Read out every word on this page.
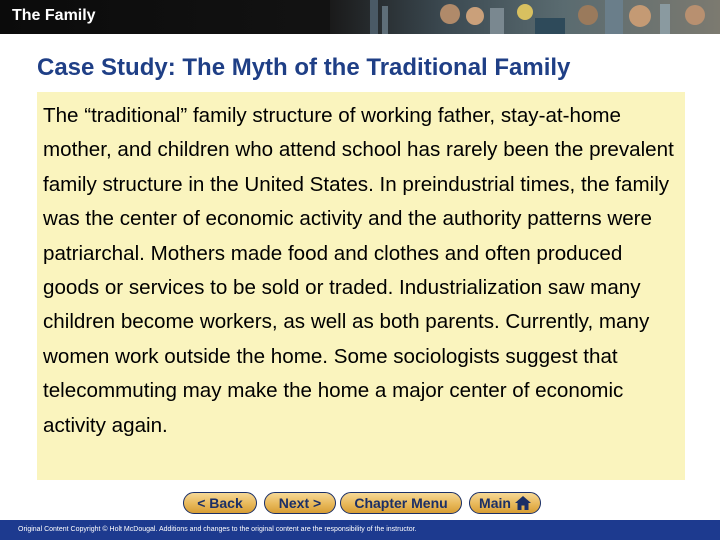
The Family
Case Study: The Myth of the Traditional Family

The “traditional” family structure of working father, stay-at-home mother, and children who attend school has rarely been the prevalent family structure in the United States. In preindustrial times, the family was the center of economic activity and the authority patterns were patriarchal. Mothers made food and clothes and often produced goods or services to be sold or traded. Industrialization saw many children become workers, as well as both parents. Currently, many women work outside the home. Some sociologists suggest that telecommuting may make the home a major center of economic activity again.

< Back	Next > Chapter Menu Main
Original Content Copyright © Holt McDougal. Additions and changes to the original content are the responsibility of the instructor.
